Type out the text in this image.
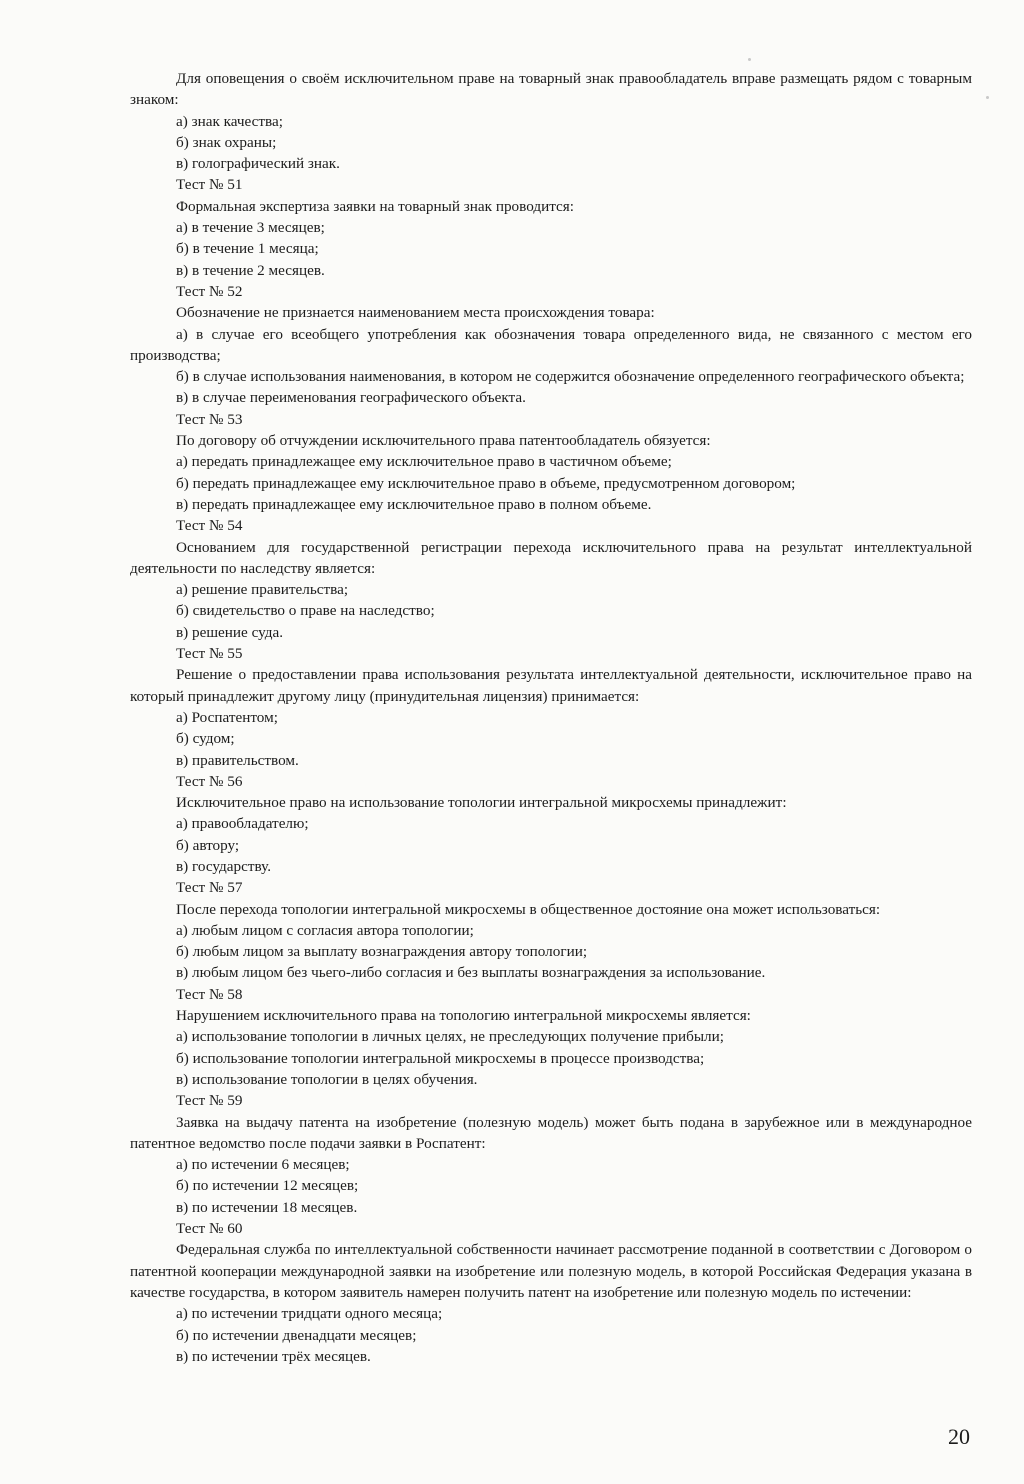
Для оповещения о своём исключительном праве на товарный знак правообладатель вправе размещать рядом с товарным знаком:

а) знак качества;

б) знак охраны;

в) голографический знак.

Тест № 51

Формальная экспертиза заявки на товарный знак проводится:

а) в течение 3 месяцев;

б) в течение 1 месяца;

в) в течение 2 месяцев.

Тест № 52

Обозначение не признается наименованием места происхождения товара:

а) в случае его всеобщего употребления как обозначения товара определенного вида, не связанного с местом его производства;

б) в случае использования наименования, в котором не содержится обозначение определенного географического объекта;

в) в случае переименования географического объекта.

Тест № 53

По договору об отчуждении исключительного права патентообладатель обязуется:

а) передать принадлежащее ему исключительное право в частичном объеме;

б) передать принадлежащее ему исключительное право в объеме, предусмотренном договором;

в) передать принадлежащее ему исключительное право в полном объеме.

Тест № 54

Основанием для государственной регистрации перехода исключительного права на результат интеллектуальной деятельности по наследству является:

а) решение правительства;

б) свидетельство о праве на наследство;

в) решение суда.

Тест № 55

Решение о предоставлении права использования результата интеллектуальной деятельности, исключительное право на который принадлежит другому лицу (принудительная лицензия) принимается:

а) Роспатентом;

б) судом;

в) правительством.

Тест № 56

Исключительное право на использование топологии интегральной микросхемы принадлежит:

а) правообладателю;

б) автору;

в) государству.

Тест № 57

После перехода топологии интегральной микросхемы в общественное достояние она может использоваться:

а) любым лицом с согласия автора топологии;

б) любым лицом за выплату вознаграждения автору топологии;

в) любым лицом без чьего-либо согласия и без выплаты вознаграждения за использование.

Тест № 58

Нарушением исключительного права на топологию интегральной микросхемы является:

а) использование топологии в личных целях, не преследующих получение прибыли;

б) использование топологии интегральной микросхемы в процессе производства;

в) использование топологии в целях обучения.

Тест № 59

Заявка на выдачу патента на изобретение (полезную модель) может быть подана в зарубежное или в международное патентное ведомство после подачи заявки в Роспатент:

а) по истечении 6 месяцев;

б) по истечении 12 месяцев;

в) по истечении 18 месяцев.

Тест № 60

Федеральная служба по интеллектуальной собственности начинает рассмотрение поданной в соответствии с Договором о патентной кооперации международной заявки на изобретение или полезную модель, в которой Российская Федерация указана в качестве государства, в котором заявитель намерен получить патент на изобретение или полезную модель по истечении:

а) по истечении тридцати одного месяца;

б) по истечении двенадцати месяцев;

в) по истечении трёх месяцев.

20
